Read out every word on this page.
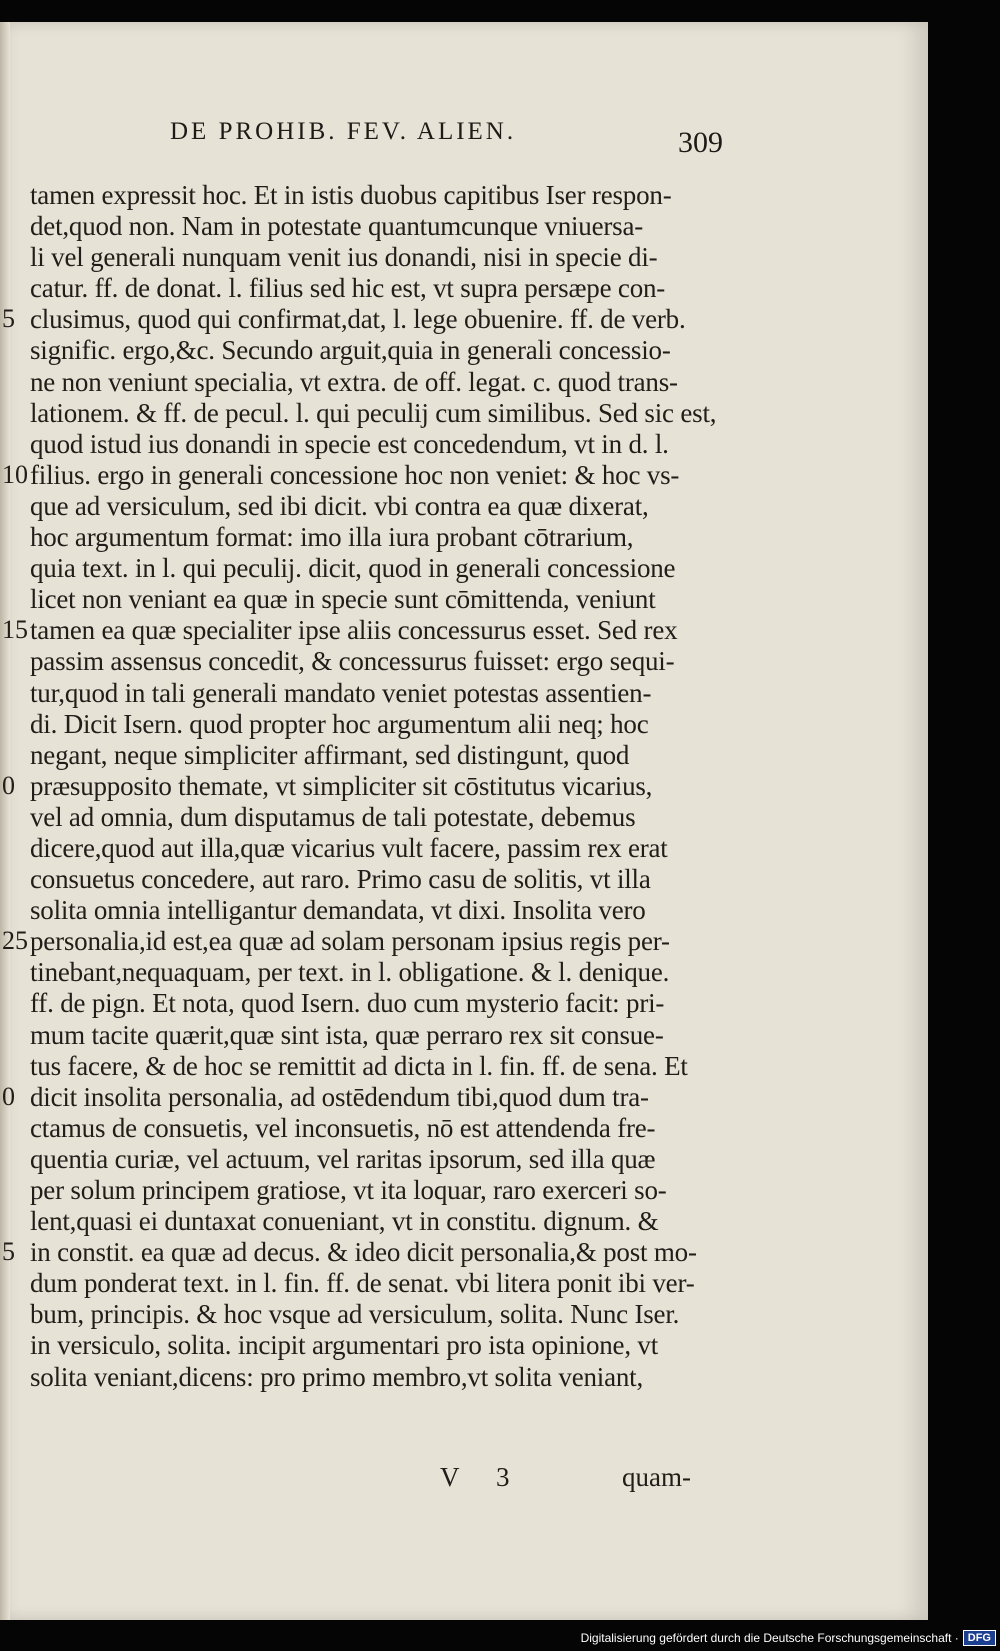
DE PROHIB. FEV. ALIEN.	309
tamen expressit hoc. Et in istis duobus capitibus Iser respon-
det,quod non. Nam in potestate quantumcunque vniuersa-
li vel generali nunquam venit ius donandi, nisi in specie di-
catur. ff. de donat. l. filius sed hic est, vt supra persæpe con-
clusimus, quod qui confirmat,dat, l. lege obuenire. ff. de verb.
signific. ergo,&c. Secundo arguit,quia in generali concessio-
ne non veniunt specialia, vt extra. de off. legat. c. quod trans-
lationem. & ff. de pecul. l. qui peculij cum similibus. Sed sic est,
quod istud ius donandi in specie est concedendum, vt in d. l.
filius. ergo in generali concessione hoc non veniet: & hoc vs-
que ad versiculum, sed ibi dicit. vbi contra ea quæ dixerat,
hoc argumentum format: imo illa iura probant cōtrarium,
quia text. in l. qui peculij. dicit, quod in generali concessione
licet non veniant ea quæ in specie sunt cōmittenda, veniunt
tamen ea quæ specialiter ipse aliis concessurus esset. Sed rex
passim assensus concedit, & concessurus fuisset: ergo sequi-
tur,quod in tali generali mandato veniet potestas assentien-
di. Dicit Isern. quod propter hoc argumentum alii neq; hoc
negant, neque simpliciter affirmant, sed distingunt, quod
præsupposito themate, vt simpliciter sit cōstitutus vicarius,
vel ad omnia, dum disputamus de tali potestate, debemus
dicere,quod aut illa,quæ vicarius vult facere, passim rex erat
consuetus concedere, aut raro. Primo casu de solitis, vt illa
solita omnia intelligantur demandata, vt dixi. Insolita vero
personalia,id est,ea quæ ad solam personam ipsius regis per-
tinebant,nequaquam, per text. in l. obligatione. & l. denique.
ff. de pign. Et nota, quod Isern. duo cum mysterio facit: pri-
mum tacite quærit,quæ sint ista, quæ perraro rex sit consue-
tus facere, & de hoc se remittit ad dicta in l. fin. ff. de sena. Et
dicit insolita personalia, ad ostēdendum tibi,quod dum tra-
ctamus de consuetis, vel inconsuetis, nō est attendenda fre-
quentia curiæ, vel actuum, vel raritas ipsorum, sed illa quæ
per solum principem gratiose, vt ita loquar, raro exerceri so-
lent,quasi ei duntaxat conueniant, vt in constitu. dignum. &
in constit. ea quæ ad decus. & ideo dicit personalia,& post mo-
dum ponderat text. in l. fin. ff. de senat. vbi litera ponit ibi ver-
bum, principis. & hoc vsque ad versiculum, solita. Nunc Iser.
in versiculo, solita. incipit argumentari pro ista opinione, vt
solita veniant,dicens: pro primo membro,vt solita veniant,
5
10
15
0
25
0
5
V 3	quam-
Digitalisierung gefördert durch die Deutsche Forschungsgemeinschaft · DFG
